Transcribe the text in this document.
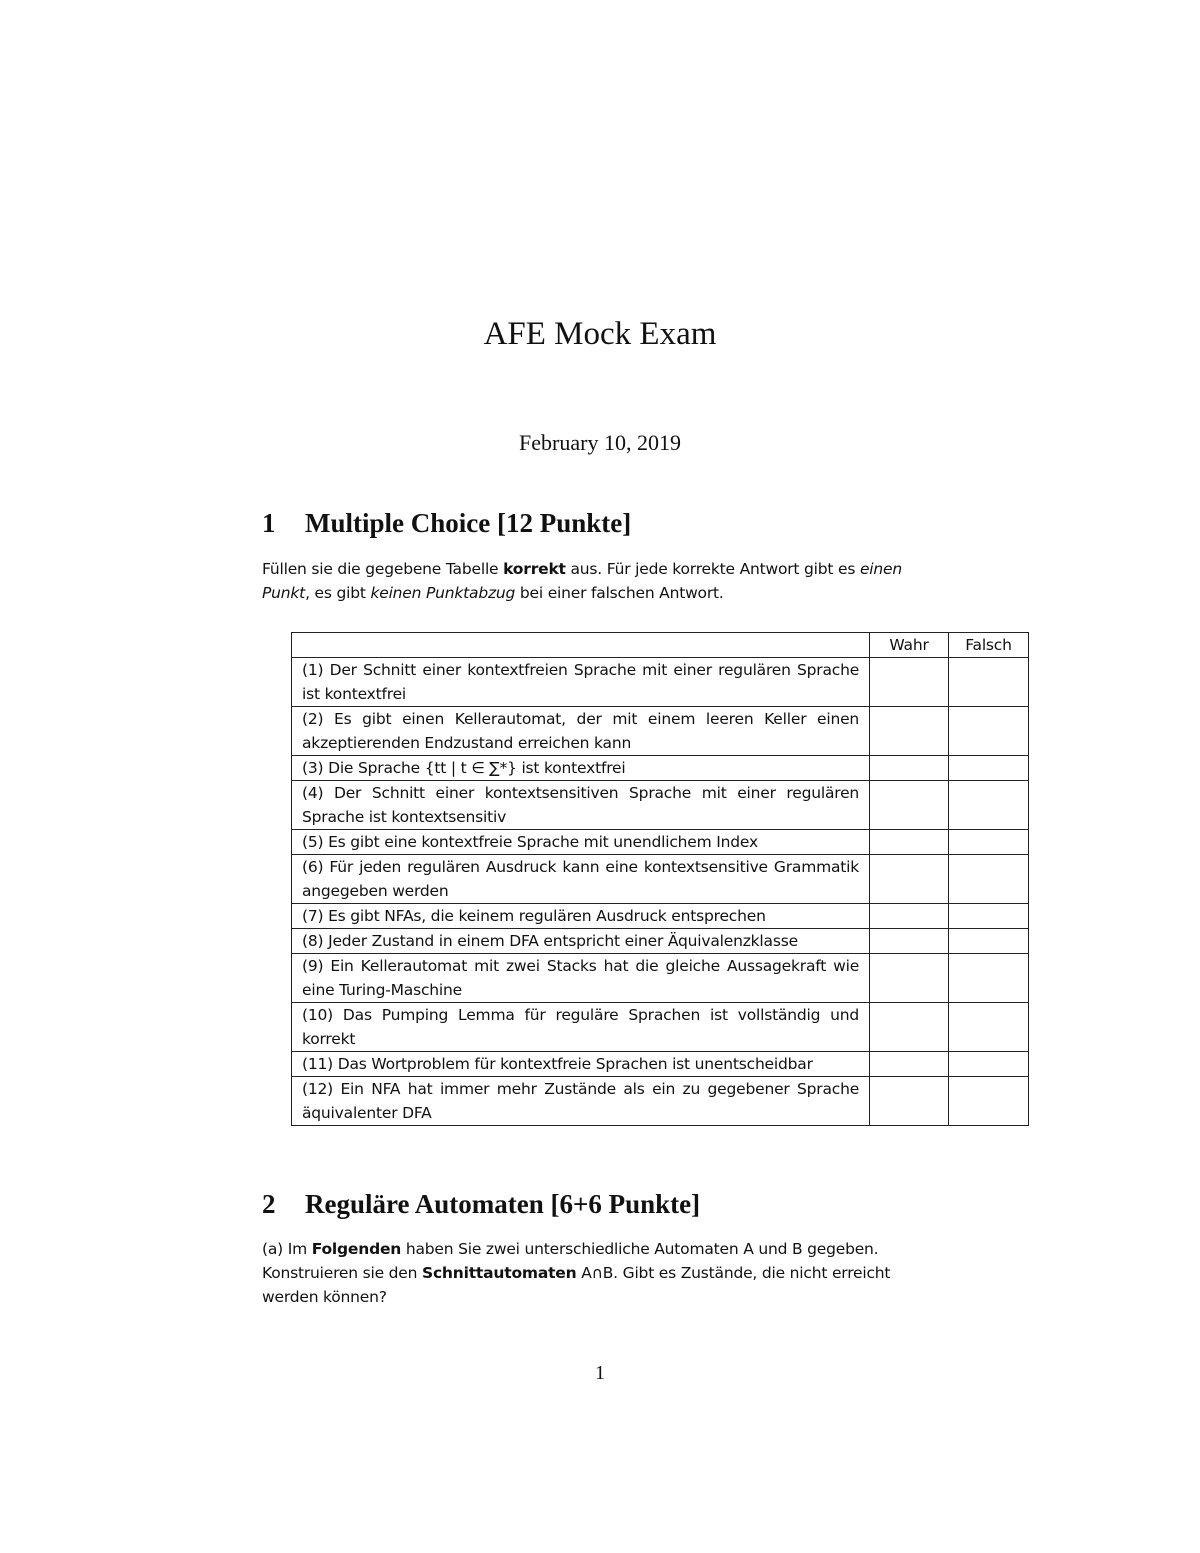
AFE Mock Exam
February 10, 2019
1 Multiple Choice [12 Punkte]
Füllen sie die gegebene Tabelle korrekt aus. Für jede korrekte Antwort gibt es einen Punkt, es gibt keinen Punktabzug bei einer falschen Antwort.
	Wahr	Falsch
(1) Der Schnitt einer kontextfreien Sprache mit einer regulären Sprache ist kontextfrei		
(2) Es gibt einen Kellerautomat, der mit einem leeren Keller einen akzeptierenden Endzustand erreichen kann		
(3) Die Sprache {tt | t ∈ ∑*} ist kontextfrei		
(4) Der Schnitt einer kontextsensitiven Sprache mit einer regulären Sprache ist kontextsensitiv		
(5) Es gibt eine kontextfreie Sprache mit unendlichem Index		
(6) Für jeden regulären Ausdruck kann eine kontextsensitive Grammatik angegeben werden		
(7) Es gibt NFAs, die keinem regulären Ausdruck entsprechen		
(8) Jeder Zustand in einem DFA entspricht einer Äquivalenzklasse		
(9) Ein Kellerautomat mit zwei Stacks hat die gleiche Aussagekraft wie eine Turing-Maschine		
(10) Das Pumping Lemma für reguläre Sprachen ist vollständig und korrekt		
(11) Das Wortproblem für kontextfreie Sprachen ist unentscheidbar		
(12) Ein NFA hat immer mehr Zustände als ein zu gegebener Sprache äquivalenter DFA		
2 Reguläre Automaten [6+6 Punkte]
(a) Im Folgenden haben Sie zwei unterschiedliche Automaten A und B gegeben. Konstruieren sie den Schnittautomaten A∩B. Gibt es Zustände, die nicht erreicht werden können?
1
